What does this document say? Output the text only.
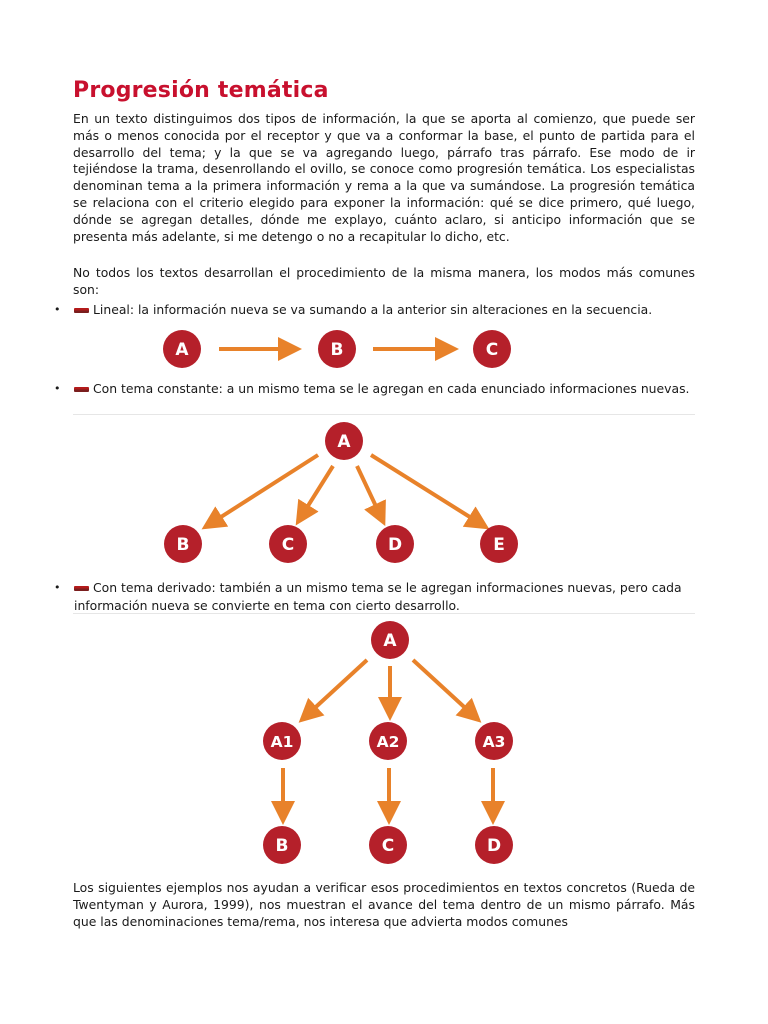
Progresión temática

En un texto distinguimos dos tipos de información, la que se aporta al comienzo, que puede ser más o menos conocida por el receptor y que va a conformar la base, el punto de partida para el desarrollo del tema; y la que se va agregando luego, párrafo tras párrafo. Ese modo de ir tejiéndose la trama, desenrollando el ovillo, se conoce como progresión temática. Los especialistas denominan tema a la primera información y rema a la que va sumándose. La progresión temática se relaciona con el criterio elegido para exponer la información: qué se dice primero, qué luego, dónde se agregan detalles, dónde me explayo, cuánto aclaro, si anticipo información que se presenta más adelante, si me detengo o no a recapitular lo dicho, etc.

No todos los textos desarrollan el procedimiento de la misma manera, los modos más comunes son:

•	Lineal: la información nueva se va sumando a la anterior sin alteraciones en la secuencia.
A	B	C
•	Con tema constante: a un mismo tema se le agregan en cada enunciado informaciones nuevas.
A
B	C	D	E
•	Con tema derivado: también a un mismo tema se le agregan informaciones nuevas, pero cada información nueva se convierte en tema con cierto desarrollo.
A
A1	A2	A3
B	C	D

Los siguientes ejemplos nos ayudan a verificar esos procedimientos en textos concretos (Rueda de Twentyman y Aurora, 1999), nos muestran el avance del tema dentro de un mismo párrafo. Más que las denominaciones tema/rema, nos interesa que advierta modos comunes
